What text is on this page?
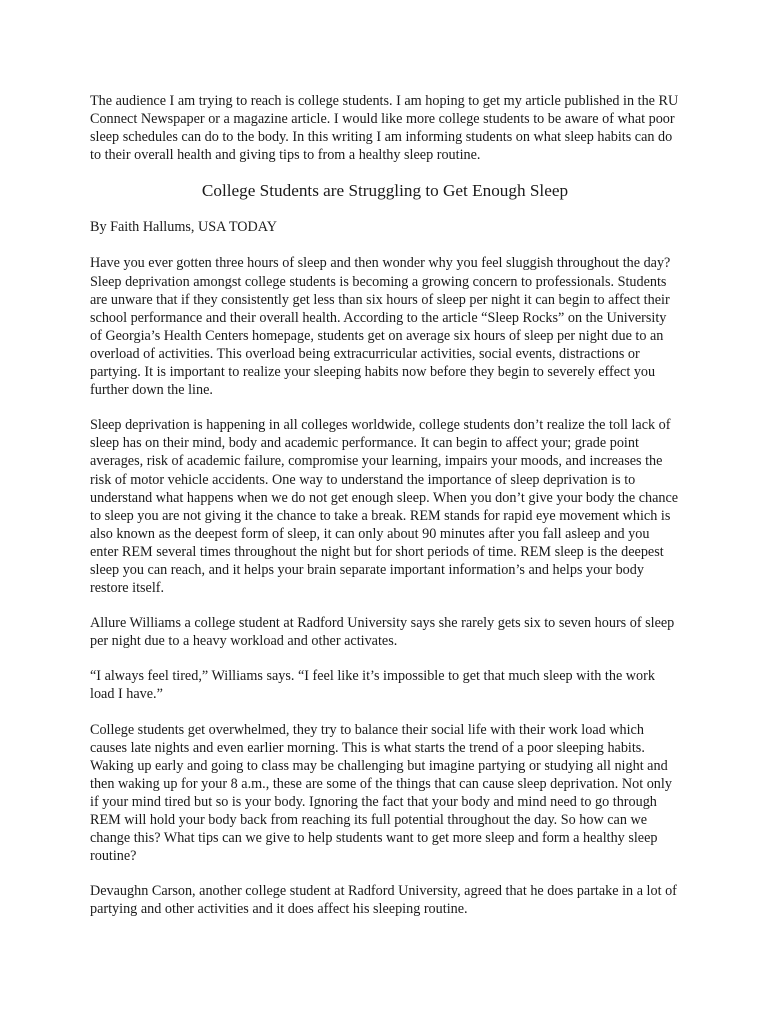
The audience I am trying to reach is college students. I am hoping to get my article published in the RU Connect Newspaper or a magazine article. I would like more college students to be aware of what poor sleep schedules can do to the body. In this writing I am informing students on what sleep habits can do to their overall health and giving tips to from a healthy sleep routine.

College Students are Struggling to Get Enough Sleep

By Faith Hallums, USA TODAY

Have you ever gotten three hours of sleep and then wonder why you feel sluggish throughout the day? Sleep deprivation amongst college students is becoming a growing concern to professionals. Students are unware that if they consistently get less than six hours of sleep per night it can begin to affect their school performance and their overall health. According to the article “Sleep Rocks” on the University of Georgia’s Health Centers homepage, students get on average six hours of sleep per night due to an overload of activities. This overload being extracurricular activities, social events, distractions or partying. It is important to realize your sleeping habits now before they begin to severely effect you further down the line.

Sleep deprivation is happening in all colleges worldwide, college students don’t realize the toll lack of sleep has on their mind, body and academic performance. It can begin to affect your; grade point averages, risk of academic failure, compromise your learning, impairs your moods, and increases the risk of motor vehicle accidents. One way to understand the importance of sleep deprivation is to understand what happens when we do not get enough sleep. When you don’t give your body the chance to sleep you are not giving it the chance to take a break. REM stands for rapid eye movement which is also known as the deepest form of sleep, it can only about 90 minutes after you fall asleep and you enter REM several times throughout the night but for short periods of time. REM sleep is the deepest sleep you can reach, and it helps your brain separate important information’s and helps your body restore itself.

Allure Williams a college student at Radford University says she rarely gets six to seven hours of sleep per night due to a heavy workload and other activates.

“I always feel tired,” Williams says. “I feel like it’s impossible to get that much sleep with the work load I have.”

College students get overwhelmed, they try to balance their social life with their work load which causes late nights and even earlier morning. This is what starts the trend of a poor sleeping habits. Waking up early and going to class may be challenging but imagine partying or studying all night and then waking up for your 8 a.m., these are some of the things that can cause sleep deprivation. Not only if your mind tired but so is your body. Ignoring the fact that your body and mind need to go through REM will hold your body back from reaching its full potential throughout the day. So how can we change this? What tips can we give to help students want to get more sleep and form a healthy sleep routine?

Devaughn Carson, another college student at Radford University, agreed that he does partake in a lot of partying and other activities and it does affect his sleeping routine.
